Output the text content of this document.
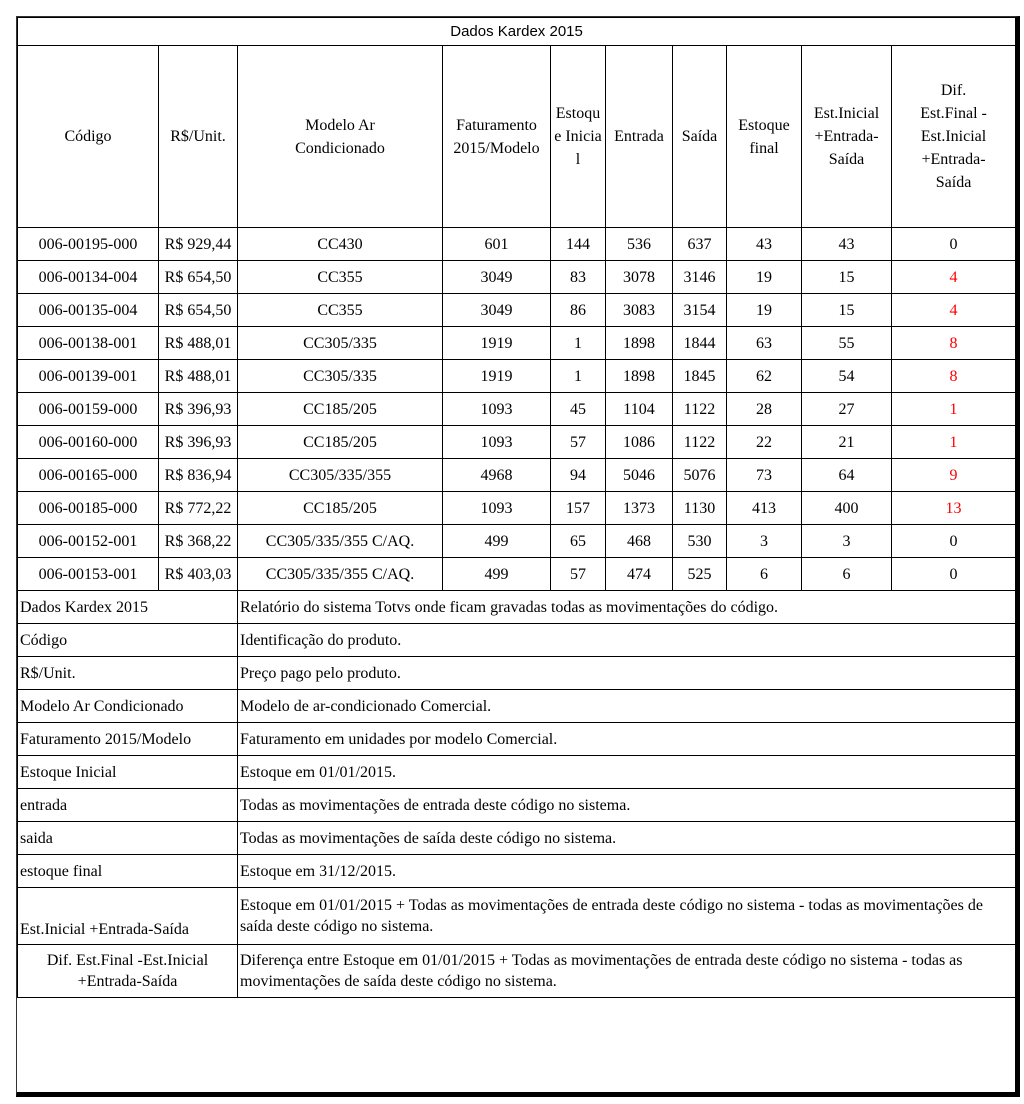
Dados Kardex 2015									
Código	R$/Unit.	Modelo Ar Condicionado	Faturamento 2015/Modelo	Estoque Inicial	Entrada	Saída	Estoque final	Est.Inicial +Entrada-Saída	Dif. Est.Final - Est.Inicial +Entrada-Saída
006-00195-000	R$ 929,44	CC430	601	144	536	637	43	43	0
006-00134-004	R$ 654,50	CC355	3049	83	3078	3146	19	15	4
006-00135-004	R$ 654,50	CC355	3049	86	3083	3154	19	15	4
006-00138-001	R$ 488,01	CC305/335	1919	1	1898	1844	63	55	8
006-00139-001	R$ 488,01	CC305/335	1919	1	1898	1845	62	54	8
006-00159-000	R$ 396,93	CC185/205	1093	45	1104	1122	28	27	1
006-00160-000	R$ 396,93	CC185/205	1093	57	1086	1122	22	21	1
006-00165-000	R$ 836,94	CC305/335/355	4968	94	5046	5076	73	64	9
006-00185-000	R$ 772,22	CC185/205	1093	157	1373	1130	413	400	13
006-00152-001	R$ 368,22	CC305/335/355 C/AQ.	499	65	468	530	3	3	0
006-00153-001	R$ 403,03	CC305/335/355 C/AQ.	499	57	474	525	6	6	0
Dados Kardex 2015		Relatório do sistema Totvs onde ficam gravadas todas as movimentações do código.							
Código		Identificação do produto.							
R$/Unit.		Preço pago pelo produto.							
Modelo Ar Condicionado		Modelo de ar-condicionado Comercial.							
Faturamento 2015/Modelo		Faturamento em unidades por modelo Comercial.							
Estoque Inicial		Estoque em 01/01/2015.							
entrada		Todas as movimentações de entrada deste código no sistema.							
saida		Todas as movimentações de saída deste código no sistema.							
estoque final		Estoque em 31/12/2015.							
Est.Inicial +Entrada-Saída		Estoque em 01/01/2015 + Todas as movimentações de entrada deste código no sistema - todas as movimentações de saída deste código no sistema.							
Dif. Est.Final -Est.Inicial +Entrada-Saída		Diferença entre Estoque em 01/01/2015 + Todas as movimentações de entrada deste código no sistema - todas as movimentações de saída deste código no sistema.							
